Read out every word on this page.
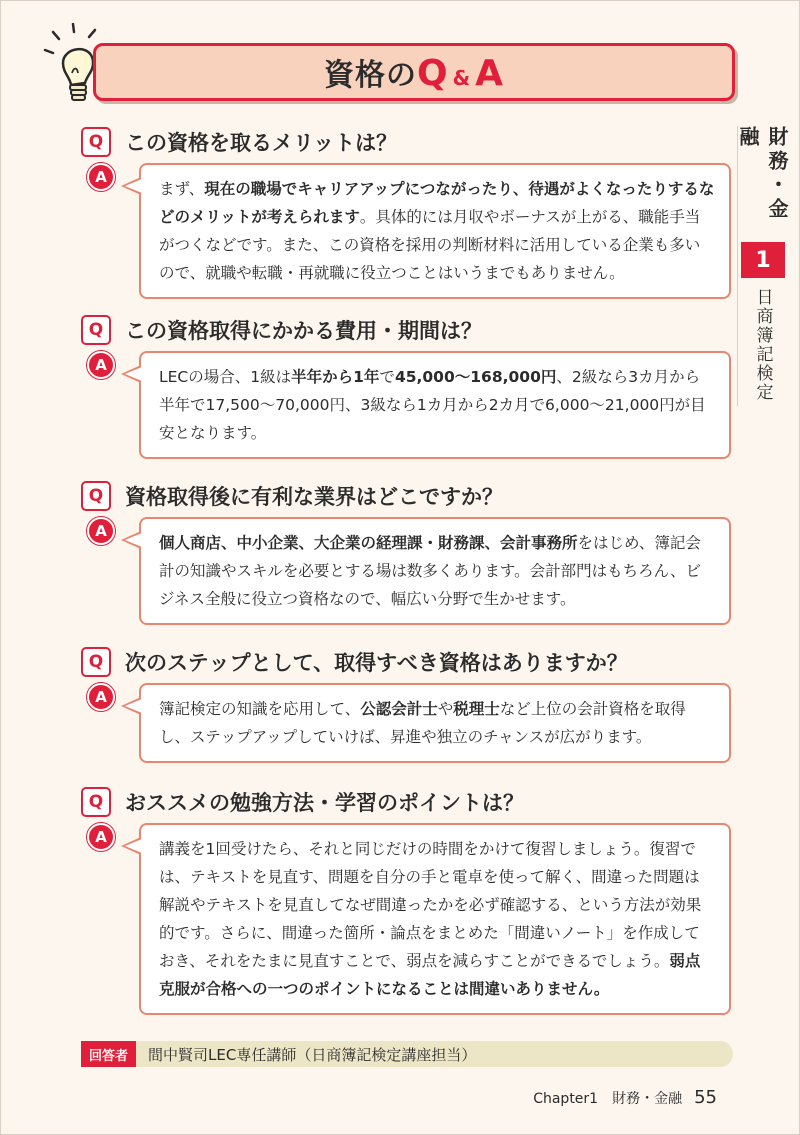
資格のQ & A
財務・金融
1
日商簿記検定
Q	この資格を取るメリットは？
A
まず、現在の職場でキャリアアップにつながったり、待遇がよくなったりするなどのメリットが考えられます。具体的には月収やボーナスが上がる、職能手当がつくなどです。また、この資格を採用の判断材料に活用している企業も多いので、就職や転職・再就職に役立つことはいうまでもありません。
Q	この資格取得にかかる費用・期間は？
A
LECの場合、1級は半年から1年で45,000〜168,000円、2級なら3カ月から半年で17,500〜70,000円、3級なら1カ月から2カ月で6,000〜21,000円が目安となります。
Q	資格取得後に有利な業界はどこですか？
A
個人商店、中小企業、大企業の経理課・財務課、会計事務所をはじめ、簿記会計の知識やスキルを必要とする場は数多くあります。会計部門はもちろん、ビジネス全般に役立つ資格なので、幅広い分野で生かせます。
Q	次のステップとして、取得すべき資格はありますか？
A
簿記検定の知識を応用して、公認会計士や税理士など上位の会計資格を取得し、ステップアップしていけば、昇進や独立のチャンスが広がります。
Q	おススメの勉強方法・学習のポイントは？
A
講義を1回受けたら、それと同じだけの時間をかけて復習しましょう。復習では、テキストを見直す、問題を自分の手と電卓を使って解く、間違った問題は解説やテキストを見直してなぜ間違ったかを必ず確認する、という方法が効果的です。さらに、間違った箇所・論点をまとめた「間違いノート」を作成しておき、それをたまに見直すことで、弱点を減らすことができるでしょう。弱点克服が合格への一つのポイントになることは間違いありません。
回答者	間中賢司LEC専任講師（日商簿記検定講座担当）
Chapter1　財務・金融 55
